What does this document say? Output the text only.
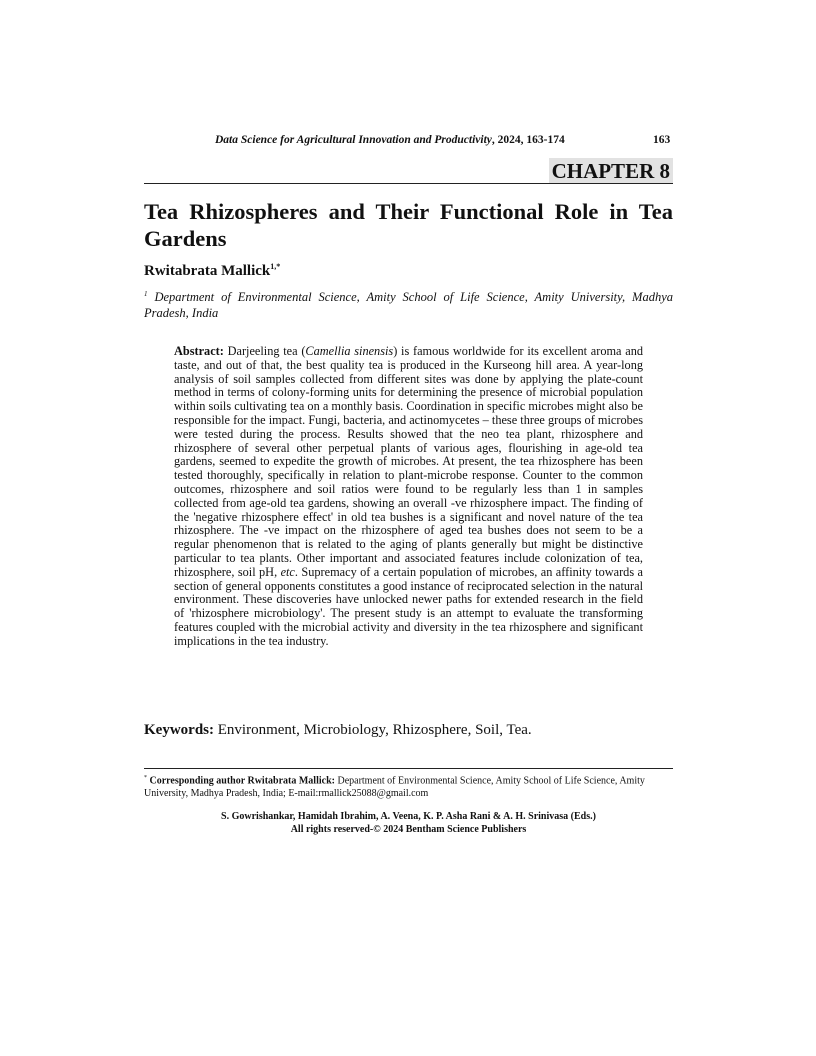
Data Science for Agricultural Innovation and Productivity, 2024, 163-174	163
CHAPTER 8
Tea Rhizospheres and Their Functional Role in Tea Gardens
Rwitabrata Mallick$^{1,*}$
$^1$ Department of Environmental Science, Amity School of Life Science, Amity University, Madhya Pradesh, India

Abstract: Darjeeling tea (Camellia sinensis) is famous worldwide for its excellent aroma and taste, and out of that, the best quality tea is produced in the Kurseong hill area. A year-long analysis of soil samples collected from different sites was done by applying the plate-count method in terms of colony-forming units for determining the presence of microbial population within soils cultivating tea on a monthly basis. Coordination in specific microbes might also be responsible for the impact. Fungi, bacteria, and actinomycetes – these three groups of microbes were tested during the process. Results showed that the neo tea plant, rhizosphere and rhizosphere of several other perpetual plants of various ages, flourishing in age-old tea gardens, seemed to expedite the growth of microbes. At present, the tea rhizosphere has been tested thoroughly, specifically in relation to plant-microbe response. Counter to the common outcomes, rhizosphere and soil ratios were found to be regularly less than 1 in samples collected from age-old tea gardens, showing an overall -ve rhizosphere impact. The finding of the 'negative rhizosphere effect' in old tea bushes is a significant and novel nature of the tea rhizosphere. The -ve impact on the rhizosphere of aged tea bushes does not seem to be a regular phenomenon that is related to the aging of plants generally but might be distinctive particular to tea plants. Other important and associated features include colonization of tea, rhizosphere, soil pH, etc. Supremacy of a certain population of microbes, an affinity towards a section of general opponents constitutes a good instance of reciprocated selection in the natural environment. These discoveries have unlocked newer paths for extended research in the field of 'rhizosphere microbiology'. The present study is an attempt to evaluate the transforming features coupled with the microbial activity and diversity in the tea rhizosphere and significant implications in the tea industry.

Keywords: Environment, Microbiology, Rhizosphere, Soil, Tea.
* Corresponding author Rwitabrata Mallick: Department of Environmental Science, Amity School of Life Science, Amity University, Madhya Pradesh, India; E-mail:rmallick25088@gmail.com
S. Gowrishankar, Hamidah Ibrahim, A. Veena, K. P. Asha Rani & A. H. Srinivasa (Eds.)
All rights reserved-© 2024 Bentham Science Publishers
